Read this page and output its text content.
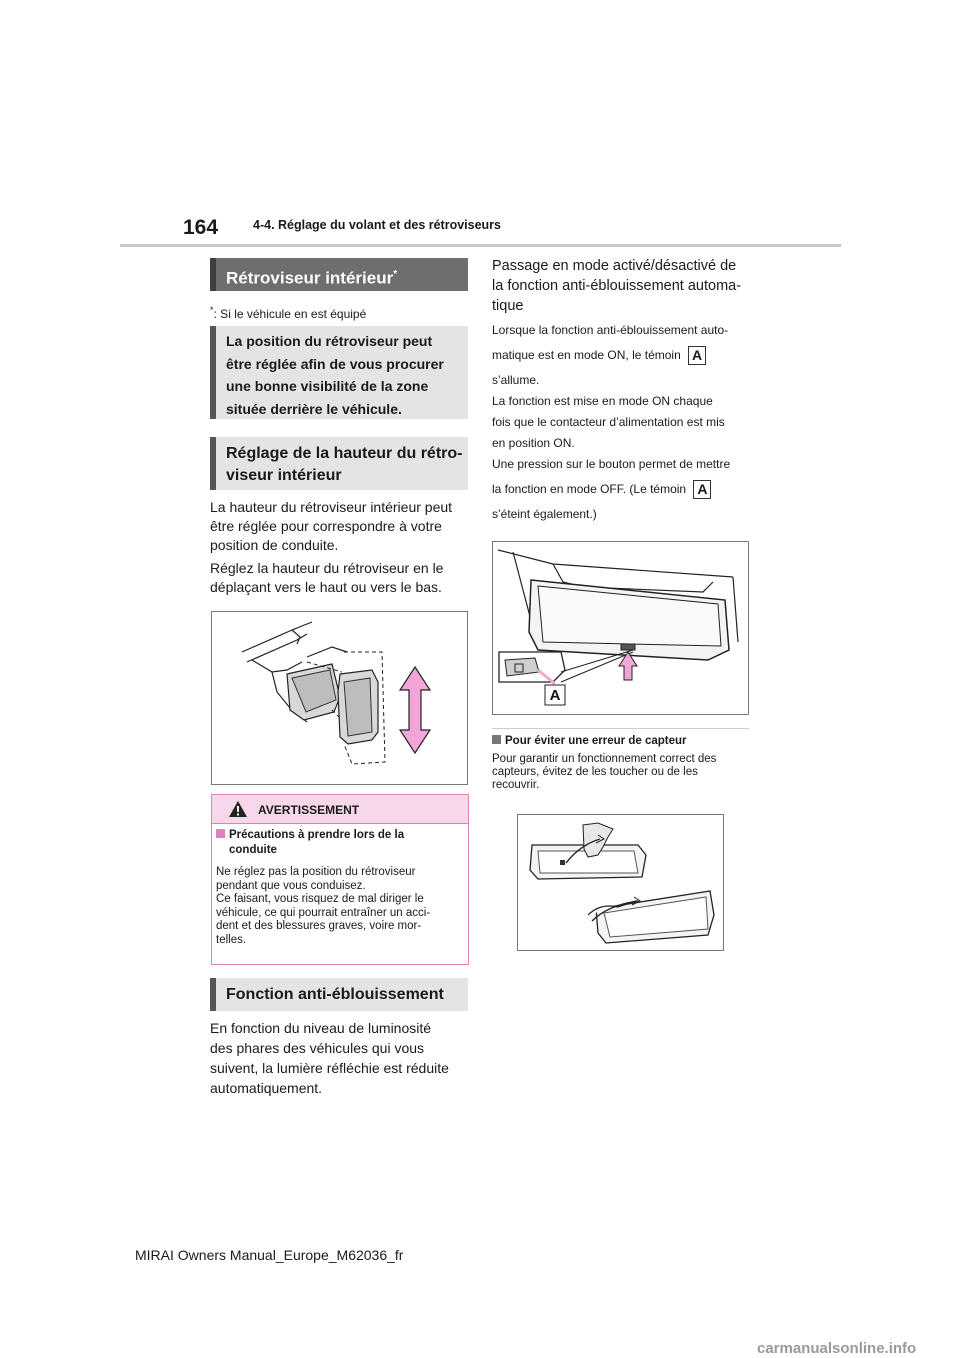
164	4-4. Réglage du volant et des rétroviseurs
Rétroviseur intérieur*
*: Si le véhicule en est équipé
La position du rétroviseur peut
être réglée afin de vous procurer
une bonne visibilité de la zone
située derrière le véhicule.
Réglage de la hauteur du rétro-
viseur intérieur
La hauteur du rétroviseur intérieur peut
être réglée pour correspondre à votre
position de conduite.
Réglez la hauteur du rétroviseur en le
déplaçant vers le haut ou vers le bas.
AVERTISSEMENT
Précautions à prendre lors de la
conduite
Ne réglez pas la position du rétroviseur
pendant que vous conduisez.
Ce faisant, vous risquez de mal diriger le
véhicule, ce qui pourrait entraîner un acci-
dent et des blessures graves, voire mor-
telles.
Fonction anti-éblouissement
En fonction du niveau de luminosité
des phares des véhicules qui vous
suivent, la lumière réfléchie est réduite
automatiquement.
Passage en mode activé/désactivé de
la fonction anti-éblouissement automa-
tique
Lorsque la fonction anti-éblouissement auto-
matique est en mode ON, le témoin A
s’allume.
La fonction est mise en mode ON chaque
fois que le contacteur d’alimentation est mis
en position ON.
Une pression sur le bouton permet de mettre
la fonction en mode OFF. (Le témoin A
s’éteint également.)
A
Pour éviter une erreur de capteur
Pour garantir un fonctionnement correct des
capteurs, évitez de les toucher ou de les
recouvrir.
MIRAI Owners Manual_Europe_M62036_fr
carmanualsonline.info
